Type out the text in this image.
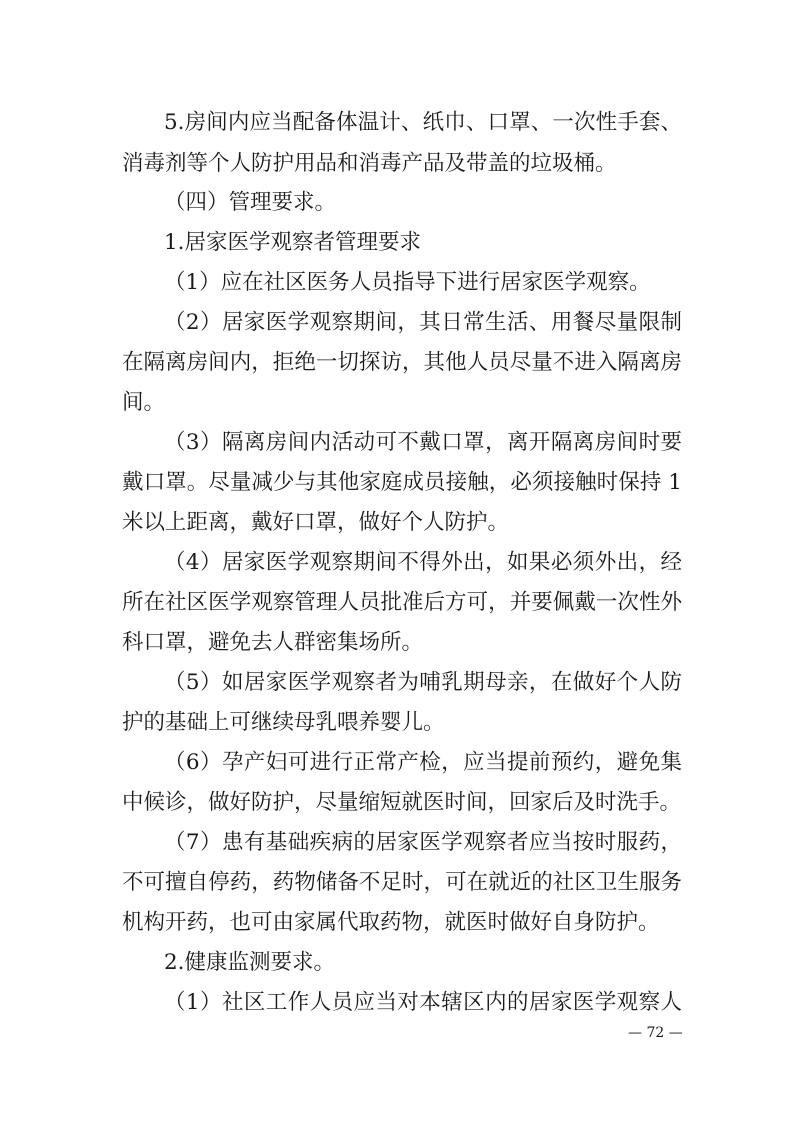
5.房间内应当配备体温计、纸巾、口罩、一次性手套、
消毒剂等个人防护用品和消毒产品及带盖的垃圾桶。
（四）管理要求。
1.居家医学观察者管理要求
（1）应在社区医务人员指导下进行居家医学观察。
（2）居家医学观察期间，其日常生活、用餐尽量限制
在隔离房间内，拒绝一切探访，其他人员尽量不进入隔离房
间。
（3）隔离房间内活动可不戴口罩，离开隔离房间时要
戴口罩。尽量减少与其他家庭成员接触，必须接触时保持 1
米以上距离，戴好口罩，做好个人防护。
（4）居家医学观察期间不得外出，如果必须外出，经
所在社区医学观察管理人员批准后方可，并要佩戴一次性外
科口罩，避免去人群密集场所。
（5）如居家医学观察者为哺乳期母亲，在做好个人防
护的基础上可继续母乳喂养婴儿。
（6）孕产妇可进行正常产检，应当提前预约，避免集
中候诊，做好防护，尽量缩短就医时间，回家后及时洗手。
（7）患有基础疾病的居家医学观察者应当按时服药，
不可擅自停药，药物储备不足时，可在就近的社区卫生服务
机构开药，也可由家属代取药物，就医时做好自身防护。
2.健康监测要求。
（1）社区工作人员应当对本辖区内的居家医学观察人
— 72 —
